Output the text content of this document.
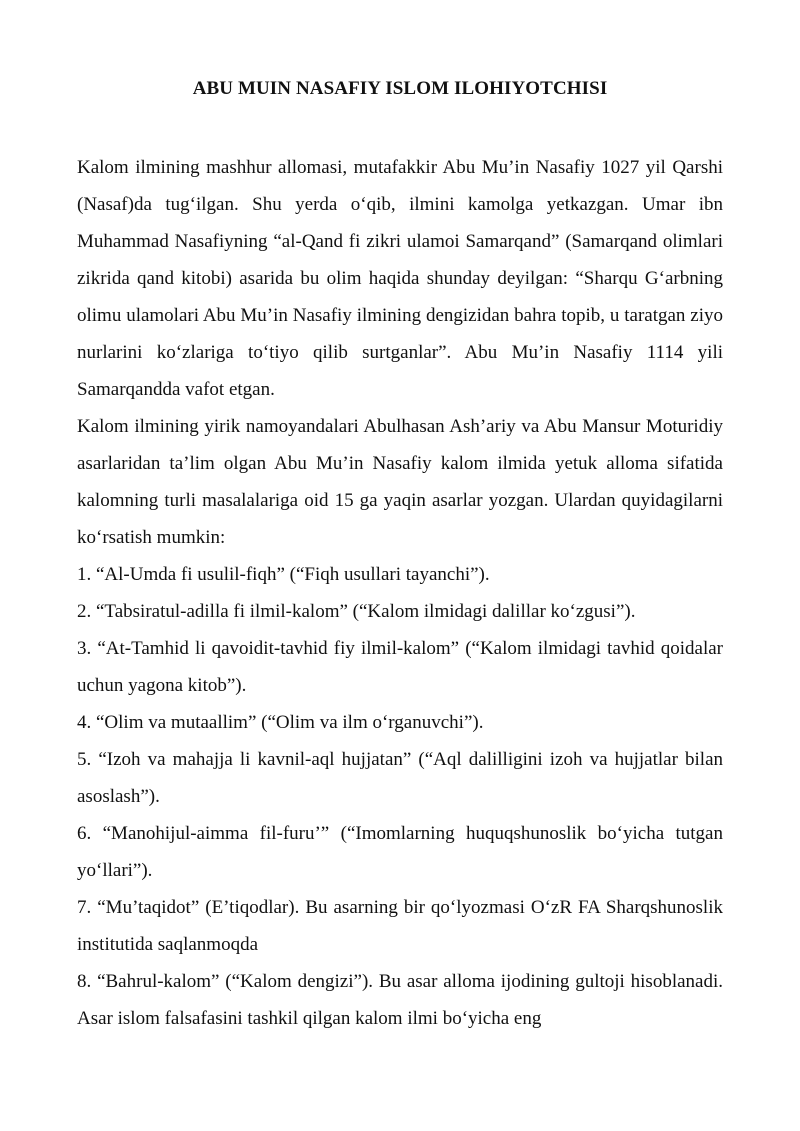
ABU MUIN NASAFIY ISLOM ILOHIYOTCHISI

Kalom ilmining mashhur allomasi, mutafakkir Abu Mu’in Nasafiy 1027 yil Qarshi (Nasaf)da tug‘ilgan. Shu yerda o‘qib, ilmini kamolga yetkazgan. Umar ibn Muhammad Nasafiyning “al-Qand fi zikri ulamoi Samarqand” (Samarqand olimlari zikrida qand kitobi) asarida bu olim haqida shunday deyilgan: “Sharqu G‘arbning olimu ulamolari Abu Mu’in Nasafiy ilmining dengizidan bahra topib, u taratgan ziyo nurlarini ko‘zlariga to‘tiyo qilib surtganlar”. Abu Mu’in Nasafiy 1114 yili Samarqandda vafot etgan.

Kalom ilmining yirik namoyandalari Abulhasan Ash’ariy va Abu Mansur Moturidiy asarlaridan ta’lim olgan Abu Mu’in Nasafiy kalom ilmida yetuk alloma sifatida kalomning turli masalalariga oid 15 ga yaqin asarlar yozgan. Ulardan quyidagilarni ko‘rsatish mumkin:

1. “Al-Umda fi usulil-fiqh” (“Fiqh usullari tayanchi”).

2. “Tabsiratul-adilla fi ilmil-kalom” (“Kalom ilmidagi dalillar ko‘zgusi”).

3. “At-Tamhid li qavoidit-tavhid fiy ilmil-kalom” (“Kalom ilmidagi tavhid qoidalar uchun yagona kitob”).

4. “Olim va mutaallim” (“Olim va ilm o‘rganuvchi”).

5. “Izoh va mahajja li kavnil-aql hujjatan” (“Aql dalilligini izoh va hujjatlar bilan asoslash”).

6. “Manohijul-aimma fil-furu’” (“Imomlarning huquqshunoslik bo‘yicha tutgan yo‘llari”).

7. “Mu’taqidot” (E’tiqodlar). Bu asarning bir qo‘lyozmasi O‘zR FA Sharqshunoslik institutida saqlanmoqda

8. “Bahrul-kalom” (“Kalom dengizi”). Bu asar alloma ijodining gultoji hisoblanadi. Asar islom falsafasini tashkil qilgan kalom ilmi bo‘yicha eng
